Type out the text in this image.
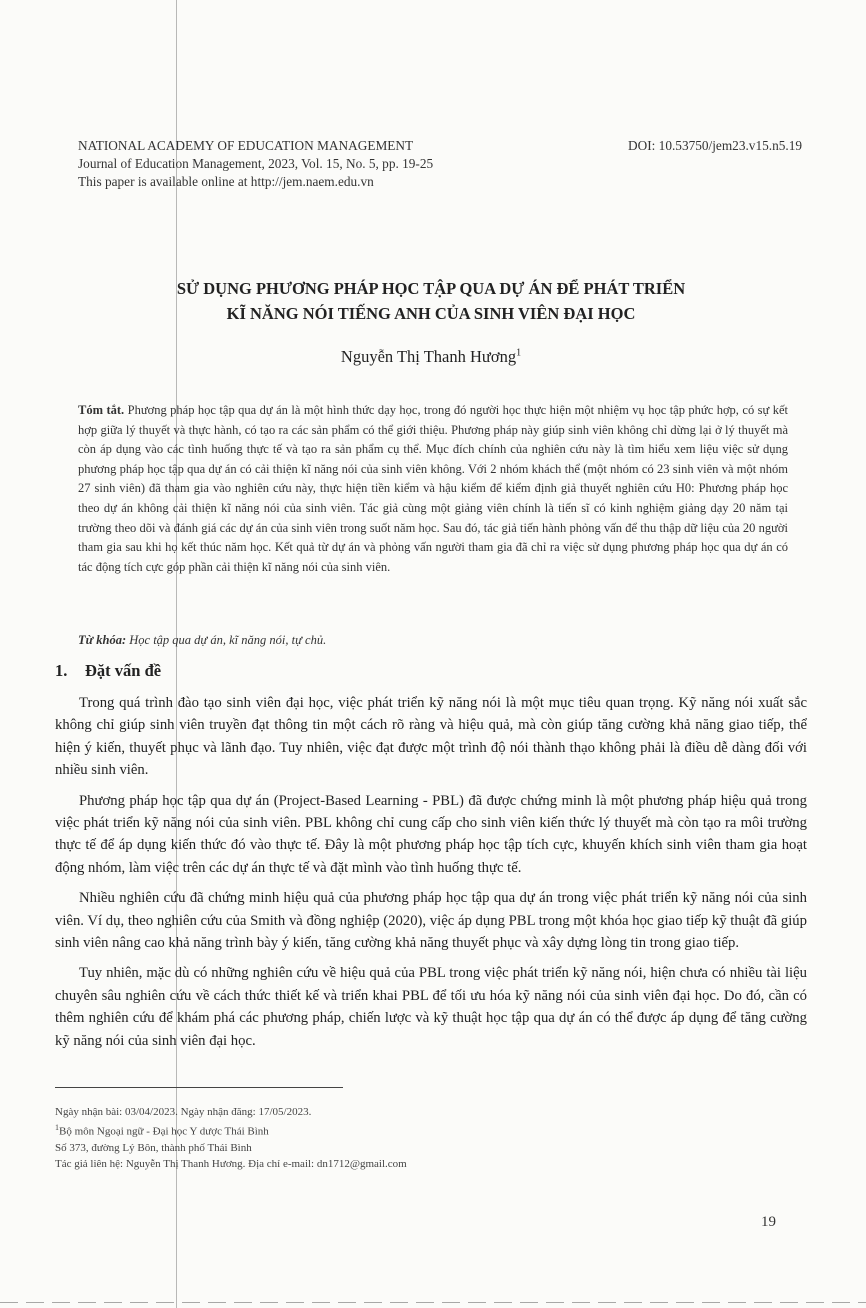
NATIONAL ACADEMY OF EDUCATION MANAGEMENT	DOI: 10.53750/jem23.v15.n5.19
Journal of Education Management, 2023, Vol. 15, No. 5, pp. 19-25
This paper is available online at http://jem.naem.edu.vn
SỬ DỤNG PHƯƠNG PHÁP HỌC TẬP QUA DỰ ÁN ĐỂ PHÁT TRIỂN
KĨ NĂNG NÓI TIẾNG ANH CỦA SINH VIÊN ĐẠI HỌC
Nguyễn Thị Thanh Hương$^1$

Tóm tắt. Phương pháp học tập qua dự án là một hình thức dạy học, trong đó người học thực hiện một nhiệm vụ học tập phức hợp, có sự kết hợp giữa lý thuyết và thực hành, có tạo ra các sản phẩm có thể giới thiệu. Phương pháp này giúp sinh viên không chỉ dừng lại ở lý thuyết mà còn áp dụng vào các tình huống thực tế và tạo ra sản phẩm cụ thể. Mục đích chính của nghiên cứu này là tìm hiểu xem liệu việc sử dụng phương pháp học tập qua dự án có cải thiện kĩ năng nói của sinh viên không. Với 2 nhóm khách thể (một nhóm có 23 sinh viên và một nhóm 27 sinh viên) đã tham gia vào nghiên cứu này, thực hiện tiền kiểm và hậu kiểm để kiểm định giả thuyết nghiên cứu H0: Phương pháp học theo dự án không cải thiện kĩ năng nói của sinh viên. Tác giả cùng một giảng viên chính là tiến sĩ có kinh nghiệm giảng dạy 20 năm tại trường theo dõi và đánh giá các dự án của sinh viên trong suốt năm học. Sau đó, tác giả tiến hành phỏng vấn để thu thập dữ liệu của 20 người tham gia sau khi họ kết thúc năm học. Kết quả từ dự án và phỏng vấn người tham gia đã chỉ ra việc sử dụng phương pháp học qua dự án có tác động tích cực góp phần cải thiện kĩ năng nói của sinh viên.

Từ khóa: Học tập qua dự án, kĩ năng nói, tự chủ.

1. Đặt vấn đề

Trong quá trình đào tạo sinh viên đại học, việc phát triển kỹ năng nói là một mục tiêu quan trọng. Kỹ năng nói xuất sắc không chỉ giúp sinh viên truyền đạt thông tin một cách rõ ràng và hiệu quả, mà còn giúp tăng cường khả năng giao tiếp, thể hiện ý kiến, thuyết phục và lãnh đạo. Tuy nhiên, việc đạt được một trình độ nói thành thạo không phải là điều dễ dàng đối với nhiều sinh viên.

Phương pháp học tập qua dự án (Project-Based Learning - PBL) đã được chứng minh là một phương pháp hiệu quả trong việc phát triển kỹ năng nói của sinh viên. PBL không chỉ cung cấp cho sinh viên kiến thức lý thuyết mà còn tạo ra môi trường thực tế để áp dụng kiến thức đó vào thực tế. Đây là một phương pháp học tập tích cực, khuyến khích sinh viên tham gia hoạt động nhóm, làm việc trên các dự án thực tế và đặt mình vào tình huống thực tế.

Nhiều nghiên cứu đã chứng minh hiệu quả của phương pháp học tập qua dự án trong việc phát triển kỹ năng nói của sinh viên. Ví dụ, theo nghiên cứu của Smith và đồng nghiệp (2020), việc áp dụng PBL trong một khóa học giao tiếp kỹ thuật đã giúp sinh viên nâng cao khả năng trình bày ý kiến, tăng cường khả năng thuyết phục và xây dựng lòng tin trong giao tiếp.

Tuy nhiên, mặc dù có những nghiên cứu về hiệu quả của PBL trong việc phát triển kỹ năng nói, hiện chưa có nhiều tài liệu chuyên sâu nghiên cứu về cách thức thiết kế và triển khai PBL để tối ưu hóa kỹ năng nói của sinh viên đại học. Do đó, cần có thêm nghiên cứu để khám phá các phương pháp, chiến lược và kỹ thuật học tập qua dự án có thể được áp dụng để tăng cường kỹ năng nói của sinh viên đại học.

Ngày nhận bài: 03/04/2023. Ngày nhận đăng: 17/05/2023.
$^1$Bộ môn Ngoại ngữ - Đại học Y dược Thái Bình
Số 373, đường Lý Bôn, thành phố Thái Bình
Tác giả liên hệ: Nguyễn Thị Thanh Hương. Địa chỉ e-mail: dn1712@gmail.com
19
